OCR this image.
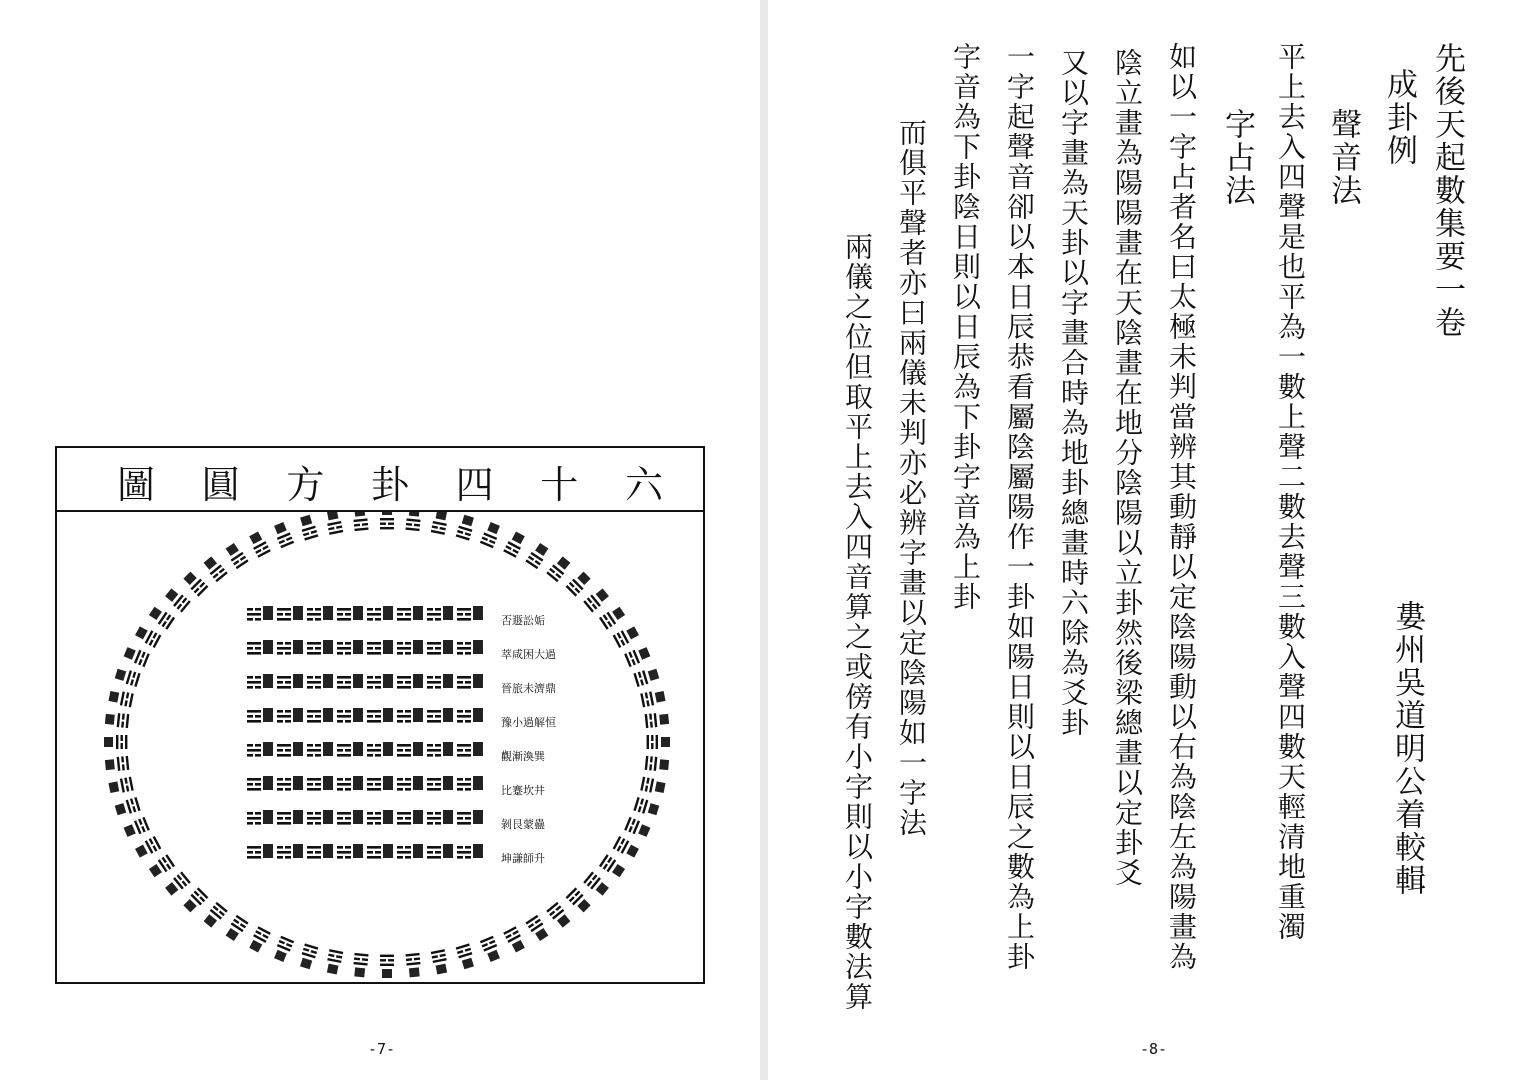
六
十
四
卦
方
圓
圖
否遯訟姤
萃咸困大過
晉旅未濟鼎
豫小過解恒
觀漸渙巽
比蹇坎井
剝艮蒙蠱
坤謙師升
-7-
先後天起數集要一卷
婁州吳道明公着較輯
成卦例
聲音法
平上去入四聲是也平為一數上聲二數去聲三數入聲四數天輕清地重濁
字占法
如以一字占者名曰太極未判當辨其動靜以定陰陽動以右為陰左為陽畫為
陰立畫為陽陽畫在天陰畫在地分陰陽以立卦然後梁總畫以定卦爻
又以字畫為天卦以字畫合時為地卦總畫時六除為爻卦
一字起聲音卻以本日辰恭看屬陰屬陽作一卦如陽日則以日辰之數為上卦
字音為下卦陰日則以日辰為下卦字音為上卦
而俱平聲者亦曰兩儀未判亦必辨字畫以定陰陽如一字法
兩儀之位但取平上去入四音算之或傍有小字則以小字數法算
-8-
